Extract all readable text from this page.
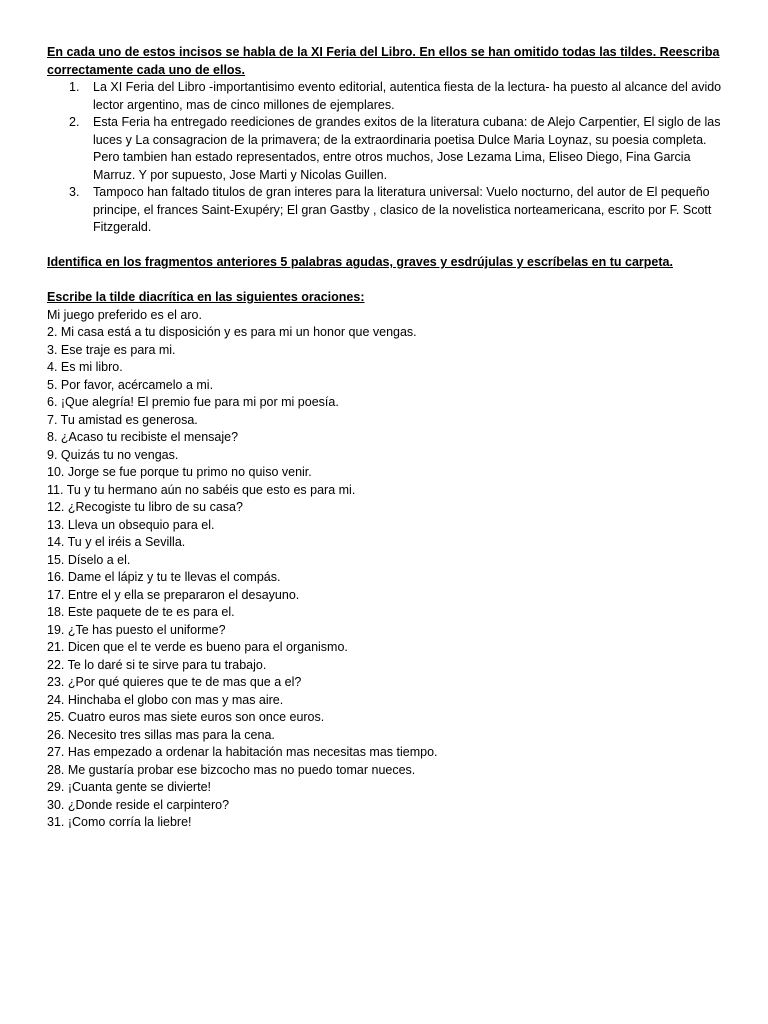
En cada uno de estos incisos se habla de la XI Feria del Libro. En ellos se han omitido todas las tildes. Reescriba correctamente cada uno de ellos.

1. La XI Feria del Libro -importantisimo evento editorial, autentica fiesta de la lectura- ha puesto al alcance del avido lector argentino, mas de cinco millones de ejemplares.
2. Esta Feria ha entregado reediciones de grandes exitos de la literatura cubana: de Alejo Carpentier, El siglo de las luces y La consagracion de la primavera; de la extraordinaria poetisa Dulce Maria Loynaz, su poesia completa. Pero tambien han estado representados, entre otros muchos, Jose Lezama Lima, Eliseo Diego, Fina Garcia Marruz. Y por supuesto, Jose Marti y Nicolas Guillen.
3. Tampoco han faltado titulos de gran interes para la literatura universal: Vuelo nocturno, del autor de El pequeño principe, el frances Saint-Exupéry; El gran Gastby , clasico de la novelistica norteamericana, escrito por F. Scott Fitzgerald.

Identifica en los fragmentos anteriores 5 palabras agudas, graves y esdrújulas y escríbelas en tu carpeta.

Escribe la tilde diacrítica en las siguientes oraciones:

Mi juego preferido es el aro.
2. Mi casa está a tu disposición y es para mi un honor que vengas.
3. Ese traje es para mi.
4. Es mi libro.
5. Por favor, acércamelo a mi.
6. ¡Que alegría! El premio fue para mi por mi poesía.
7. Tu amistad es generosa.
8. ¿Acaso tu recibiste el mensaje?
9. Quizás tu no vengas.
10. Jorge se fue porque tu primo no quiso venir.
11. Tu y tu hermano aún no sabéis que esto es para mi.
12. ¿Recogiste tu libro de su casa?
13. Lleva un obsequio para el.
14. Tu y el iréis a Sevilla.
15. Díselo a el.
16. Dame el lápiz y tu te llevas el compás.
17. Entre el y ella se prepararon el desayuno.
18. Este paquete de te es para el.
19. ¿Te has puesto el uniforme?
21. Dicen que el te verde es bueno para el organismo.
22. Te lo daré si te sirve para tu trabajo.
23. ¿Por qué quieres que te de mas que a el?
24. Hinchaba el globo con mas y mas aire.
25. Cuatro euros mas siete euros son once euros.
26. Necesito tres sillas mas para la cena.
27. Has empezado a ordenar la habitación mas necesitas mas tiempo.
28. Me gustaría probar ese bizcocho mas no puedo tomar nueces.
29. ¡Cuanta gente se divierte!
30. ¿Donde reside el carpintero?
31. ¡Como corría la liebre!
